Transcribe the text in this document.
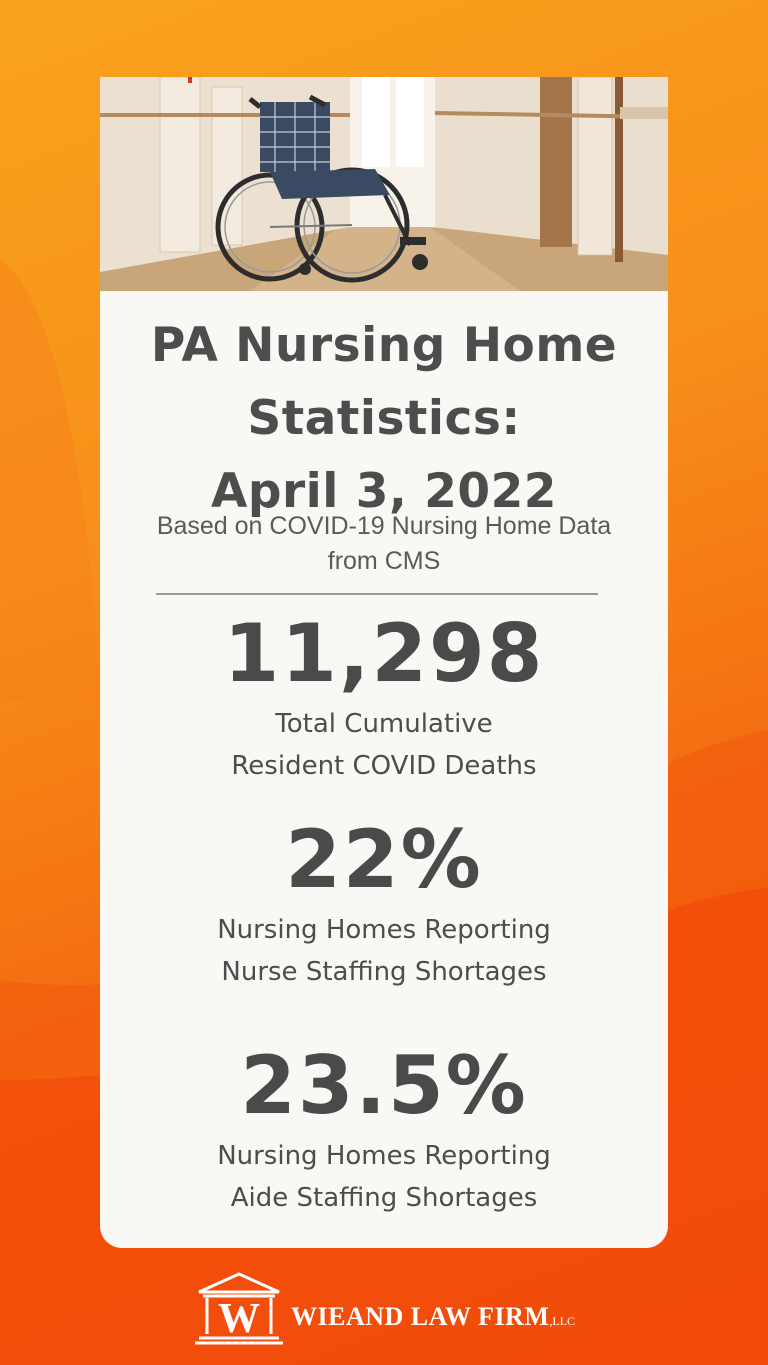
PA Nursing Home
Statistics:
April 3, 2022
Based on COVID-19 Nursing Home Data
from CMS
11,298
Total Cumulative
Resident COVID Deaths
22%
Nursing Homes Reporting
Nurse Staffing Shortages
23.5%
Nursing Homes Reporting
Aide Staffing Shortages
W WIEAND LAW FIRM,LLC
